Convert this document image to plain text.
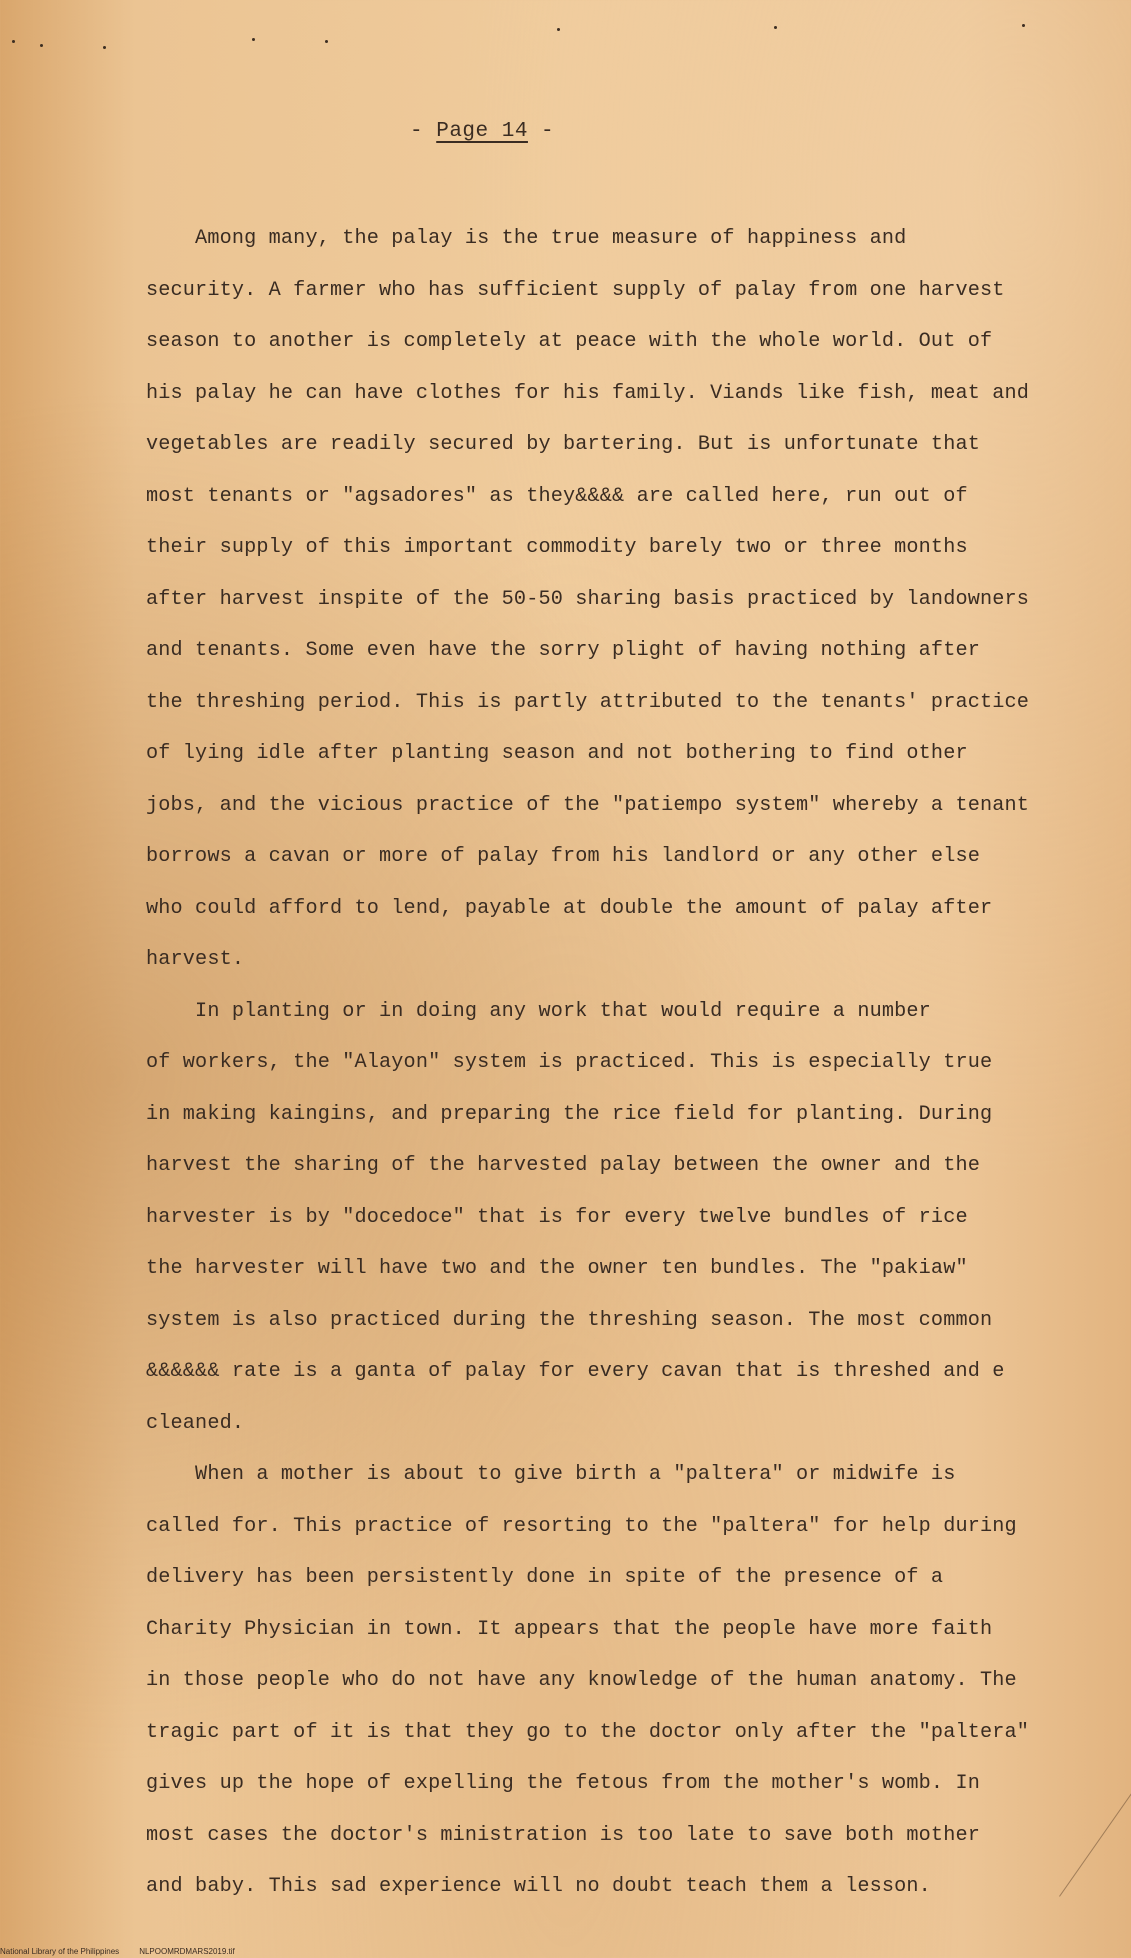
- Page 14 -
Among many, the palay is the true measure of happiness and
security. A farmer who has sufficient supply of palay from one harvest
season to another is completely at peace with the whole world. Out of
his palay he can have clothes for his family. Viands like fish, meat and
vegetables are readily secured by bartering. But is unfortunate that
most tenants or "agsadores" as they&&&& are called here, run out of
their supply of this important commodity barely two or three months
after harvest inspite of the 50-50 sharing basis practiced by landowners
and tenants. Some even have the sorry plight of having nothing after
the threshing period. This is partly attributed to the tenants' practice
of lying idle after planting season and not bothering to find other
jobs, and the vicious practice of the "patiempo system" whereby a tenant
borrows a cavan or more of palay from his landlord or any other else
who could afford to lend, payable at double the amount of palay after
harvest.
In planting or in doing any work that would require a number
of workers, the "Alayon" system is practiced. This is especially true
in making kaingins, and preparing the rice field for planting. During
harvest the sharing of the harvested palay between the owner and the
harvester is by "docedoce" that is for every twelve bundles of rice
the harvester will have two and the owner ten bundles. The "pakiaw"
system is also practiced during the threshing season. The most common
&&&&&& rate is a ganta of palay for every cavan that is threshed and e
cleaned.
When a mother is about to give birth a "paltera" or midwife is
called for. This practice of resorting to the "paltera" for help during
delivery has been persistently done in spite of the presence of a
Charity Physician in town. It appears that the people have more faith
in those people who do not have any knowledge of the human anatomy. The
tragic part of it is that they go to the doctor only after the "paltera"
gives up the hope of expelling the fetous from the mother's womb. In
most cases the doctor's ministration is too late to save both mother
and baby. This sad experience will no doubt teach them a lesson.
National Library of the Philippines	NLPOOMRDMARS2019.tif
